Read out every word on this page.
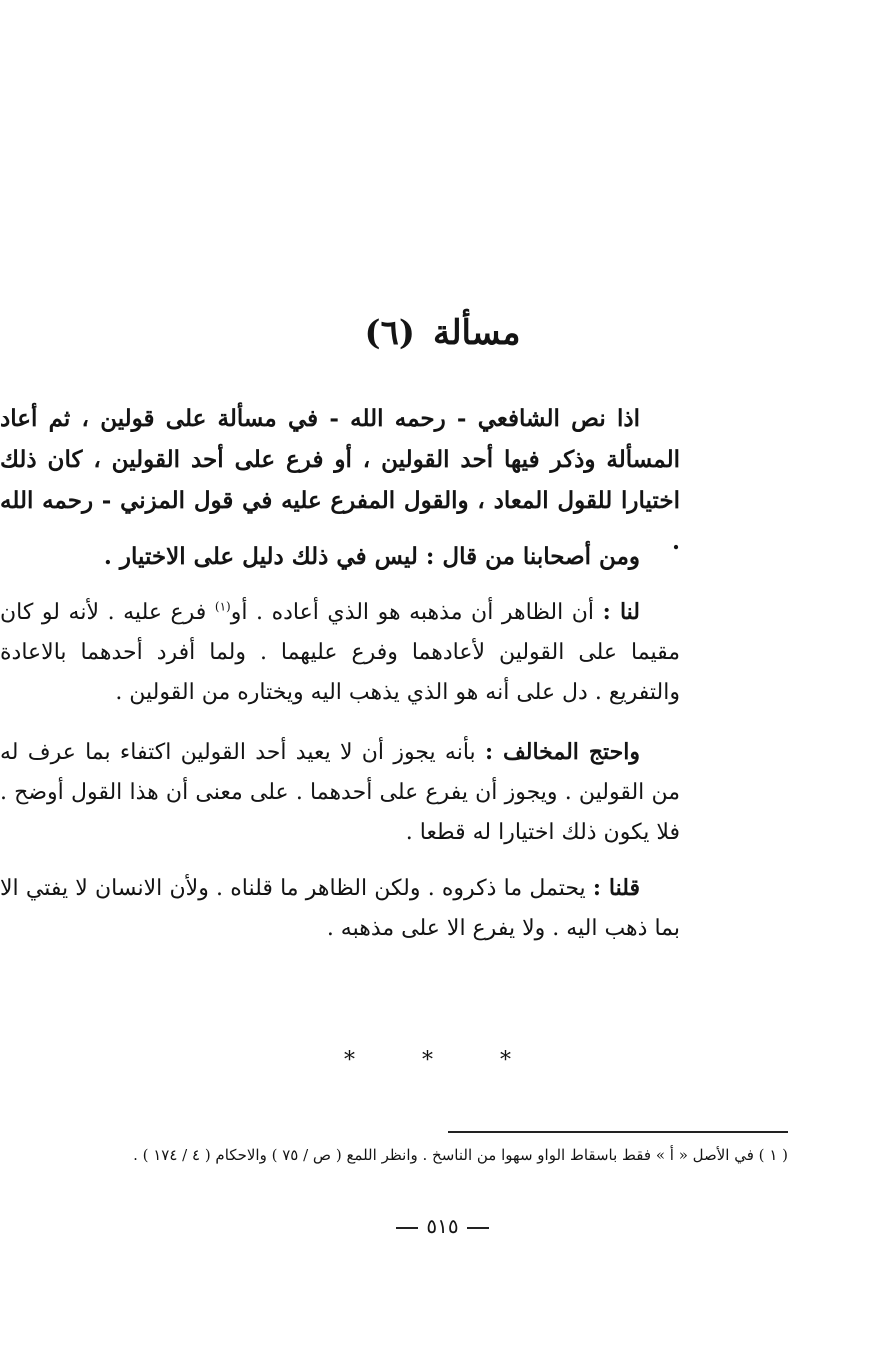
مسألة(٦)

اذا نص الشافعي - رحمه الله - في مسألة على قولين ، ثم أعاد المسألة وذكر فيها أحد القولين ، أو فرع على أحد القولين ، كان ذلك اختيارا للقول المعاد ، والقول المفرع عليه في قول المزني - رحمه الله .

ومن أصحابنا من قال : ليس في ذلك دليل على الاختيار .

لنا : أن الظاهر أن مذهبه هو الذي أعاده . أو$^{(١)}$ فرع عليه . لأنه لو كان مقيما على القولين لأعادهما وفرع عليهما . ولما أفرد أحدهما بالاعادة والتفريع . دل على أنه هو الذي يذهب اليه ويختاره من القولين .

واحتج المخالف : بأنه يجوز أن لا يعيد أحد القولين اكتفاء بما عرف له من القولين . ويجوز أن يفرع على أحدهما . على معنى أن هذا القول أوضح . فلا يكون ذلك اختيارا له قطعا .

قلنا : يحتمل ما ذكروه . ولكن الظاهر ما قلناه . ولأن الانسان لا يفتي الا بما ذهب اليه . ولا يفرع الا على مذهبه .

* * *

( ١ ) في الأصل « أ » فقط باسقاط الواو سهوا من الناسخ . وانظر اللمع ( ص / ٧٥ ) والاحكام ( ٤ / ١٧٤ ) .

٥١٥
